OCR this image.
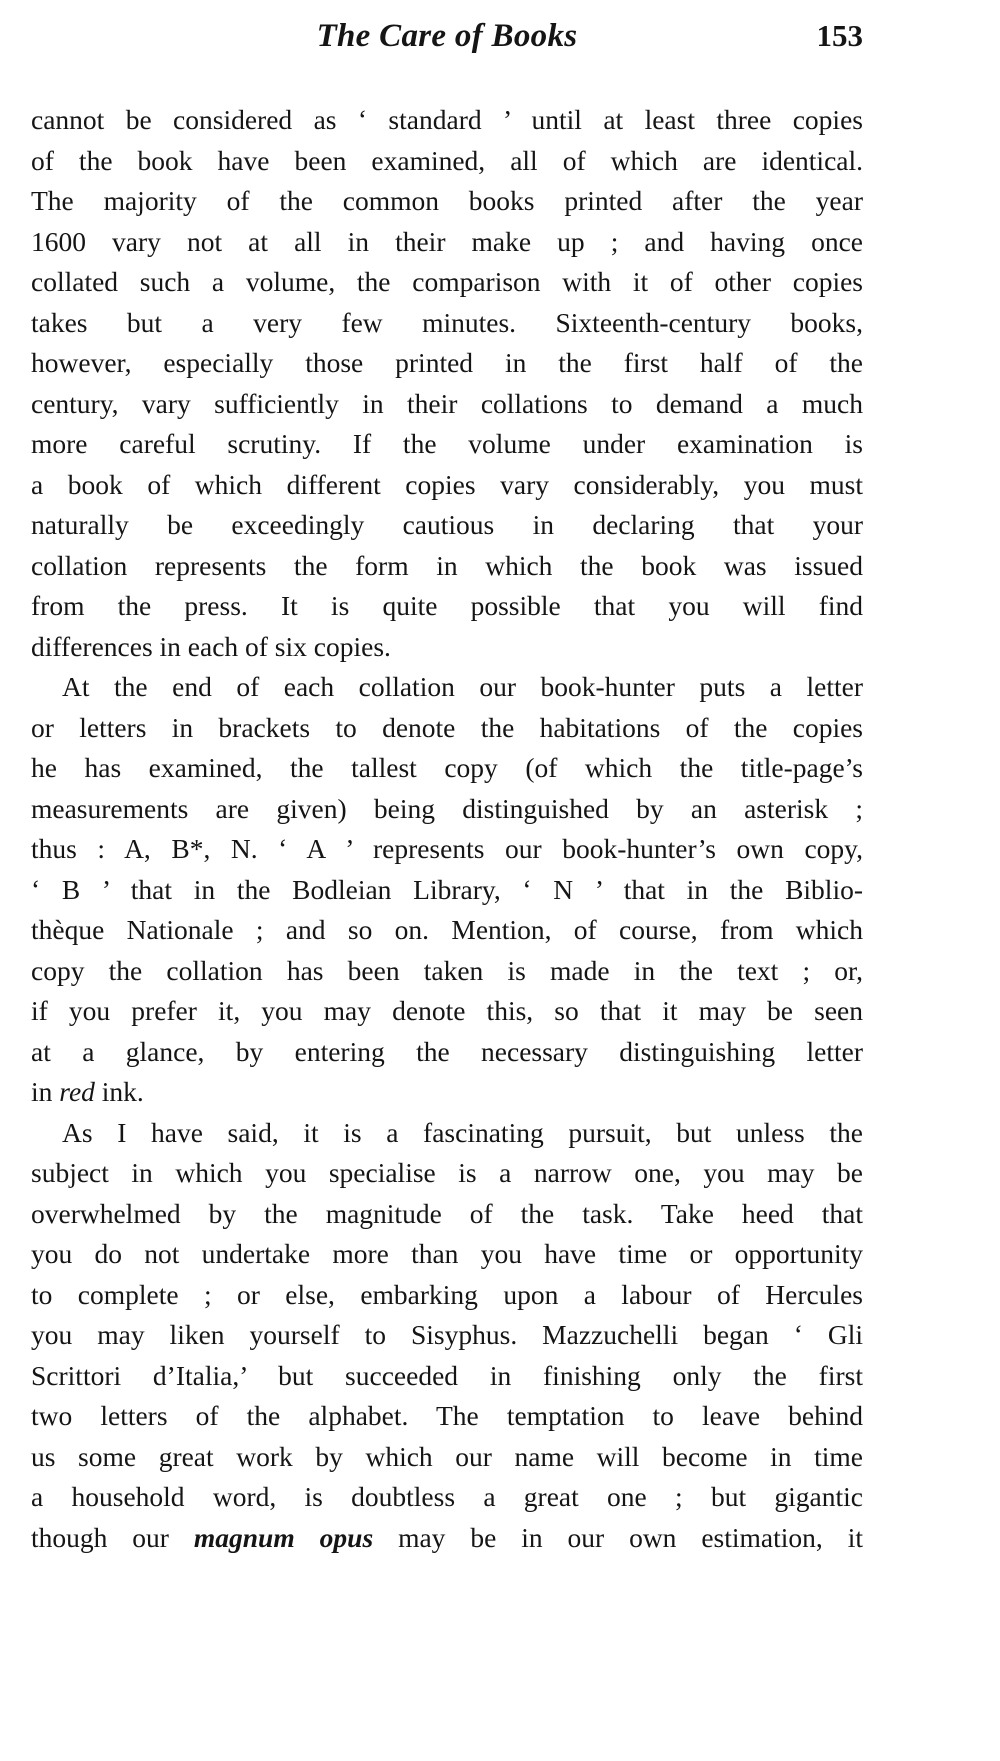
The Care of Books	153

cannot be considered as ‘ standard ’ until at least three copies
of the book have been examined, all of which are identical.
The majority of the common books printed after the year
1600 vary not at all in their make up ; and having once
collated such a volume, the comparison with it of other copies
takes but a very few minutes. Sixteenth-century books,
however, especially those printed in the first half of the
century, vary sufficiently in their collations to demand a much
more careful scrutiny. If the volume under examination is
a book of which different copies vary considerably, you must
naturally be exceedingly cautious in declaring that your
collation represents the form in which the book was issued
from the press. It is quite possible that you will find
differences in each of six copies.

At the end of each collation our book-hunter puts a letter
or letters in brackets to denote the habitations of the copies
he has examined, the tallest copy (of which the title-page’s
measurements are given) being distinguished by an asterisk ;
thus : A, B*, N. ‘ A ’ represents our book-hunter’s own copy,
‘ B ’ that in the Bodleian Library, ‘ N ’ that in the Biblio-
thèque Nationale ; and so on. Mention, of course, from which
copy the collation has been taken is made in the text ; or,
if you prefer it, you may denote this, so that it may be seen
at a glance, by entering the necessary distinguishing letter
in red ink.

As I have said, it is a fascinating pursuit, but unless the
subject in which you specialise is a narrow one, you may be
overwhelmed by the magnitude of the task. Take heed that
you do not undertake more than you have time or opportunity
to complete ; or else, embarking upon a labour of Hercules
you may liken yourself to Sisyphus. Mazzuchelli began ‘ Gli
Scrittori d’Italia,’ but succeeded in finishing only the first
two letters of the alphabet. The temptation to leave behind
us some great work by which our name will become in time
a household word, is doubtless a great one ; but gigantic
though our magnum opus may be in our own estimation, it
